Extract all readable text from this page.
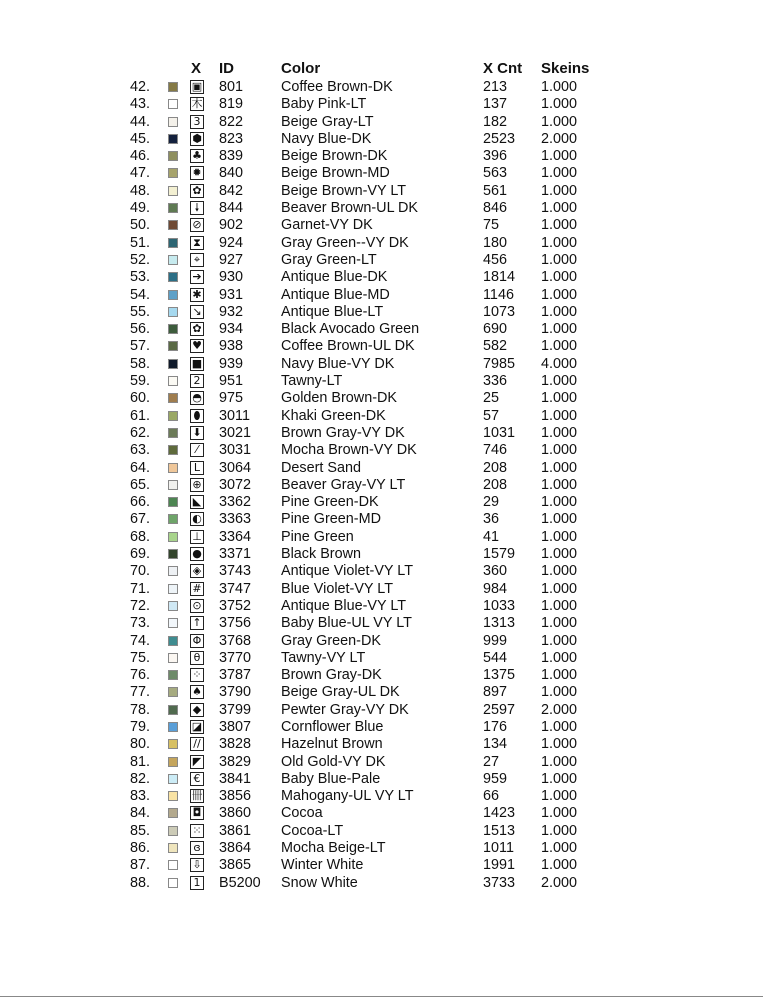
X ID	Color	X Cnt Skeins
42.	▣ 801	Coffee Brown-DK	213 1.000
43.	木 819	Baby Pink-LT	137 1.000
44.	3 822	Beige Gray-LT	182 1.000
45.	⬢ 823	Navy Blue-DK	2523 2.000
46.	♣ 839	Beige Brown-DK	396 1.000
47.	✹ 840	Beige Brown-MD	563 1.000
48.	✿ 842	Beige Brown-VY LT	561 1.000
49.	🠗	844	Beaver Brown-UL DK	846 1.000
50.	⊘ 902	Garnet-VY DK	75	1.000
51.	⧗ 924	Gray Green--VY DK	180 1.000
52.	⌖ 927	Gray Green-LT	456 1.000
53.	➔ 930	Antique Blue-DK	1814 1.000
54.	✱ 931	Antique Blue-MD	1146 1.000
55.	↘ 932	Antique Blue-LT	1073 1.000
56.	✿ 934	Black Avocado Green	690 1.000
57.	♥ 938	Coffee Brown-UL DK	582 1.000
58.	■ 939	Navy Blue-VY DK	7985 4.000
59.	2 951	Tawny-LT	336 1.000
60.	◓ 975	Golden Brown-DK	25	1.000
61.	⬮ 3011 Khaki Green-DK	57	1.000
62.	⬇ 3021 Brown Gray-VY DK	1031 1.000
63.	⁄	3031 Mocha Brown-VY DK	746 1.000
64.	L 3064 Desert Sand	208 1.000
65.	⊕ 3072 Beaver Gray-VY LT	208 1.000
66.	◣ 3362 Pine Green-DK	29	1.000
67.	◐ 3363 Pine Green-MD	36	1.000
68.	⊥ 3364 Pine Green	41	1.000
69.	● 3371 Black Brown	1579 1.000
70.	◈ 3743 Antique Violet-VY LT	360 1.000
71.	# 3747 Blue Violet-VY LT	984 1.000
72.	⊙ 3752 Antique Blue-VY LT	1033 1.000
73.	↑ 3756 Baby Blue-UL VY LT	1313 1.000
74.	Φ 3768 Gray Green-DK	999 1.000
75.	θ 3770 Tawny-VY LT	544 1.000
76.	⁘ 3787 Brown Gray-DK	1375 1.000
77.	♠ 3790 Beige Gray-UL DK	897 1.000
78.	◆ 3799 Pewter Gray-VY DK	2597 2.000
79.	◪ 3807 Cornflower Blue	176 1.000
80.	// 3828 Hazelnut Brown	134 1.000
81.	◤ 3829 Old Gold-VY DK	27	1.000
82.	€ 3841 Baby Blue-Pale	959 1.000
83.	卌 3856 Mahogany-UL VY LT	66	1.000
84.	◘ 3860 Cocoa	1423 1.000
85.	⁙ 3861 Cocoa-LT	1513 1.000
86.	ɞ 3864 Mocha Beige-LT	1011 1.000
87.	⇩ 3865 Winter White	1991 1.000
88.	1 B5200 Snow White	3733 2.000
